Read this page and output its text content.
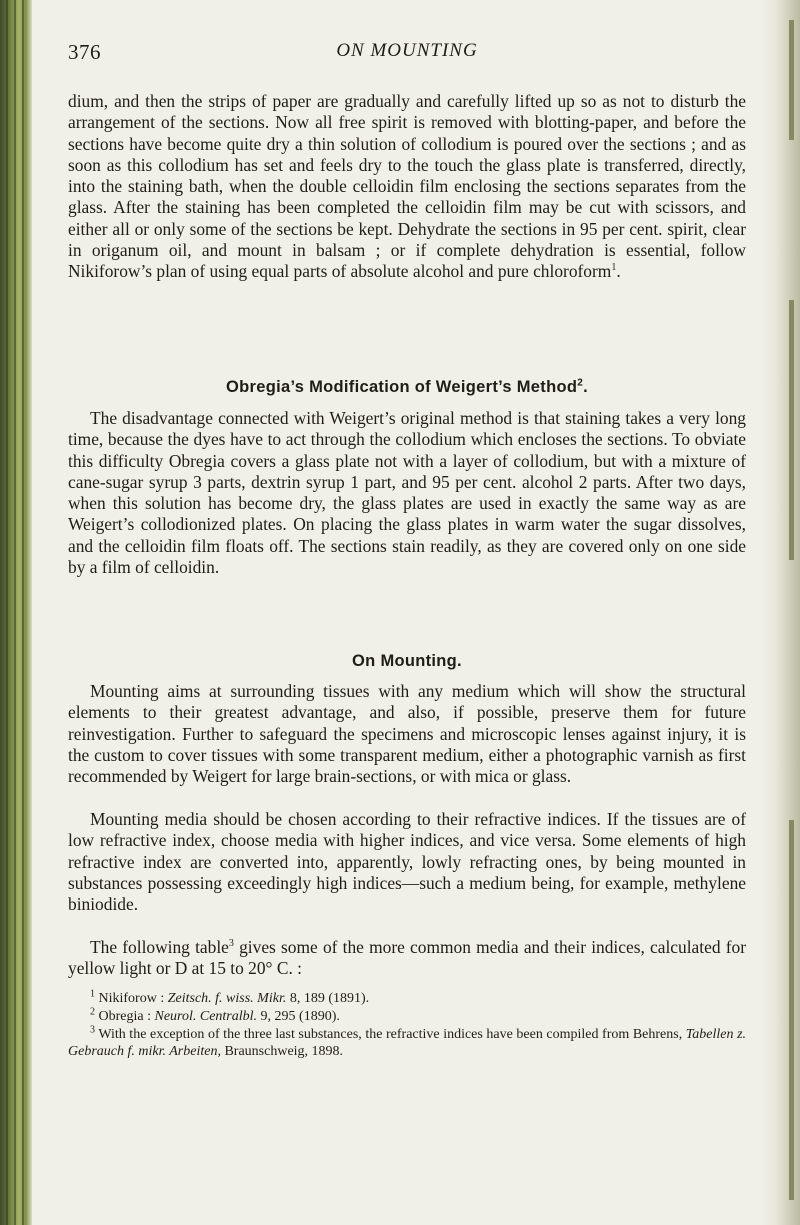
376	ON MOUNTING

dium, and then the strips of paper are gradually and carefully lifted up so as not to disturb the arrangement of the sections. Now all free spirit is removed with blotting-paper, and before the sections have become quite dry a thin solution of collodium is poured over the sections ; and as soon as this collodium has set and feels dry to the touch the glass plate is transferred, directly, into the staining bath, when the double celloidin film enclosing the sections separates from the glass. After the staining has been completed the celloidin film may be cut with scissors, and either all or only some of the sections be kept. Dehydrate the sections in 95 per cent. spirit, clear in origanum oil, and mount in balsam ; or if complete dehydration is essential, follow Nikiforow’s plan of using equal parts of absolute alcohol and pure chloroform$^1$.

Obregia’s Modification of Weigert’s Method$^2$.

The disadvantage connected with Weigert’s original method is that staining takes a very long time, because the dyes have to act through the collodium which encloses the sections. To obviate this difficulty Obregia covers a glass plate not with a layer of collodium, but with a mixture of cane-sugar syrup 3 parts, dextrin syrup 1 part, and 95 per cent. alcohol 2 parts. After two days, when this solution has become dry, the glass plates are used in exactly the same way as are Weigert’s collodionized plates. On placing the glass plates in warm water the sugar dissolves, and the celloidin film floats off. The sections stain readily, as they are covered only on one side by a film of celloidin.

On Mounting.

Mounting aims at surrounding tissues with any medium which will show the structural elements to their greatest advantage, and also, if possible, preserve them for future reinvestigation. Further to safeguard the specimens and microscopic lenses against injury, it is the custom to cover tissues with some transparent medium, either a photographic varnish as first recommended by Weigert for large brain-sections, or with mica or glass.

Mounting media should be chosen according to their refractive indices. If the tissues are of low refractive index, choose media with higher indices, and vice versa. Some elements of high refractive index are converted into, apparently, lowly refracting ones, by being mounted in substances possessing exceedingly high indices—such a medium being, for example, methylene biniodide.

The following table$^3$ gives some of the more common media and their indices, calculated for yellow light or D at 15 to 20° C. :

$^1$ Nikiforow : Zeitsch. f. wiss. Mikr. 8, 189 (1891).

$^2$ Obregia : Neurol. Centralbl. 9, 295 (1890).

$^3$ With the exception of the three last substances, the refractive indices have been compiled from Behrens, Tabellen z. Gebrauch f. mikr. Arbeiten, Braunschweig, 1898.
